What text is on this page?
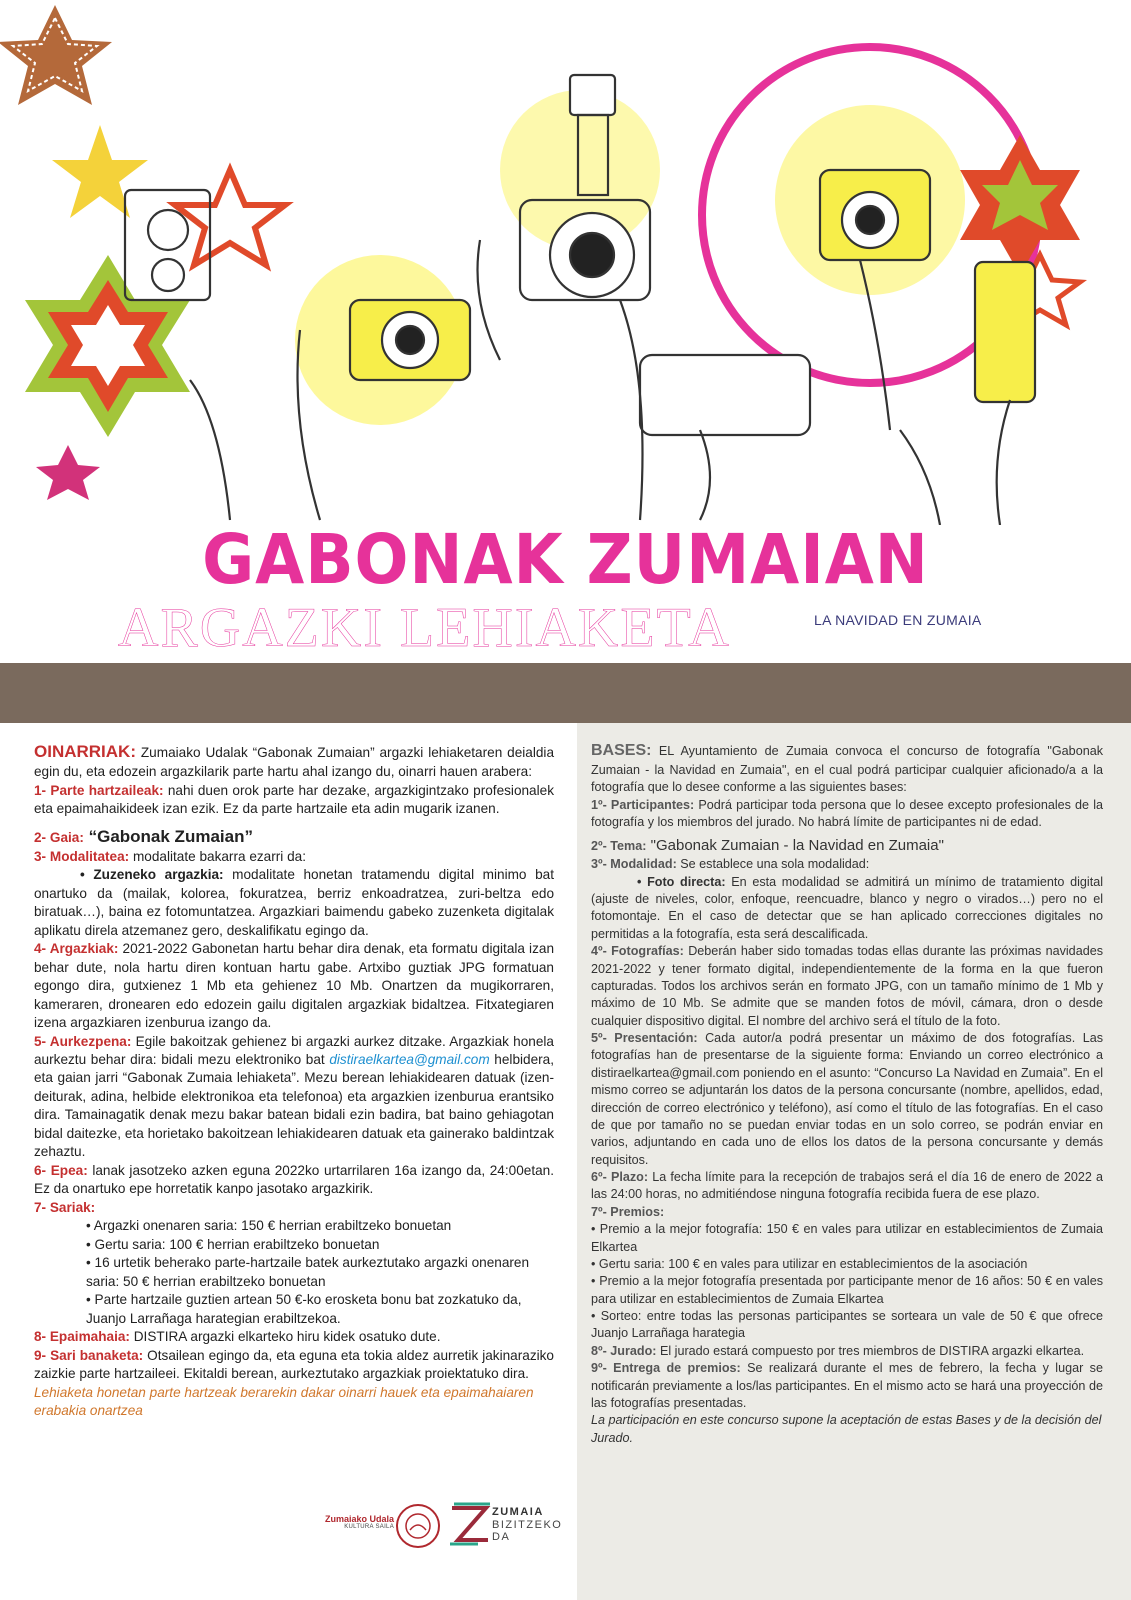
GABONAK ZUMAIAN
ARGAZKI LEHIAKETA	LA NAVIDAD EN ZUMAIA

OINARRIAK: Zumaiako Udalak “Gabonak Zumaian” argazki lehiaketaren deialdia egin du, eta edozein argazkilarik parte hartu ahal izango du, oinarri hauen arabera:

1- Parte hartzaileak: nahi duen orok parte har dezake, argazkigintzako profesionalek eta epaimahaikideek izan ezik. Ez da parte hartzaile eta adin mugarik izanen.

2- Gaia: “Gabonak Zumaian”

3- Modalitatea: modalitate bakarra ezarri da:

• Zuzeneko argazkia: modalitate honetan tratamendu digital minimo bat onartuko da (mailak, kolorea, fokuratzea, berriz enkoadratzea, zuri-beltza edo biratuak…), baina ez fotomuntatzea. Argazkiari baimendu gabeko zuzenketa digitalak aplikatu direla atzemanez gero, deskalifikatu egingo da.

4- Argazkiak: 2021-2022 Gabonetan hartu behar dira denak, eta formatu digitala izan behar dute, nola hartu diren kontuan hartu gabe. Artxibo guztiak JPG formatuan egongo dira, gutxienez 1 Mb eta gehienez 10 Mb. Onartzen da mugikorraren, kameraren, dronearen edo edozein gailu digitalen argazkiak bidaltzea. Fitxategiaren izena argazkiaren izenburua izango da.

5- Aurkezpena: Egile bakoitzak gehienez bi argazki aurkez ditzake. Argazkiak honela aurkeztu behar dira: bidali mezu elektroniko bat distiraelkartea@gmail.com helbidera, eta gaian jarri “Gabonak Zumaia lehiaketa”. Mezu berean lehiakidearen datuak (izen-deiturak, adina, helbide elektronikoa eta telefonoa) eta argazkien izenburua erantsiko dira. Tamainagatik denak mezu bakar batean bidali ezin badira, bat baino gehiagotan bidal daitezke, eta horietako bakoitzean lehiakidearen datuak eta gainerako baldintzak zehaztu.

6- Epea: lanak jasotzeko azken eguna 2022ko urtarrilaren 16a izango da, 24:00etan. Ez da onartuko epe horretatik kanpo jasotako argazkirik.

7- Sariak:

• Argazki onenaren saria: 150 € herrian erabiltzeko bonuetan

• Gertu saria: 100 € herrian erabiltzeko bonuetan

• 16 urtetik beherako parte-hartzaile batek aurkeztutako argazki onenaren saria: 50 € herrian erabiltzeko bonuetan

• Parte hartzaile guztien artean 50 €-ko erosketa bonu bat zozkatuko da, Juanjo Larrañaga harategian erabiltzekoa.

8- Epaimahaia: DISTIRA argazki elkarteko hiru kidek osatuko dute.

9- Sari banaketa: Otsailean egingo da, eta eguna eta tokia aldez aurretik jakinaraziko zaizkie parte hartzaileei. Ekitaldi berean, aurkeztutako argazkiak proiektatuko dira.

Lehiaketa honetan parte hartzeak berarekin dakar oinarri hauek eta epaimahaiaren erabakia onartzea

BASES: EL Ayuntamiento de Zumaia convoca el concurso de fotografía "Gabonak Zumaian - la Navidad en Zumaia", en el cual podrá participar cualquier aficionado/a a la fotografía que lo desee conforme a las siguientes bases:

1º- Participantes: Podrá participar toda persona que lo desee excepto profesionales de la fotografía y los miembros del jurado. No habrá límite de participantes ni de edad.

2º- Tema: "Gabonak Zumaian - la Navidad en Zumaia"

3º- Modalidad: Se establece una sola modalidad:

• Foto directa: En esta modalidad se admitirá un mínimo de tratamiento digital (ajuste de niveles, color, enfoque, reencuadre, blanco y negro o virados…) pero no el fotomontaje. En el caso de detectar que se han aplicado correcciones digitales no permitidas a la fotografía, esta será descalificada.

4º- Fotografías: Deberán haber sido tomadas todas ellas durante las próximas navidades 2021-2022 y tener formato digital, independientemente de la forma en la que fueron capturadas. Todos los archivos serán en formato JPG, con un tamaño mínimo de 1 Mb y máximo de 10 Mb. Se admite que se manden fotos de móvil, cámara, dron o desde cualquier dispositivo digital. El nombre del archivo será el título de la foto.

5º- Presentación: Cada autor/a podrá presentar un máximo de dos fotografías. Las fotografías han de presentarse de la siguiente forma: Enviando un correo electrónico a distiraelkartea@gmail.com poniendo en el asunto: “Concurso La Navidad en Zumaia”. En el mismo correo se adjuntarán los datos de la persona concursante (nombre, apellidos, edad, dirección de correo electrónico y teléfono), así como el título de las fotografías. En el caso de que por tamaño no se puedan enviar todas en un solo correo, se podrán enviar en varios, adjuntando en cada uno de ellos los datos de la persona concursante y demás requisitos.

6º- Plazo: La fecha límite para la recepción de trabajos será el día 16 de enero de 2022 a las 24:00 horas, no admitiéndose ninguna fotografía recibida fuera de ese plazo.

7º- Premios:

• Premio a la mejor fotografía: 150 € en vales para utilizar en establecimientos de Zumaia Elkartea

• Gertu saria: 100 € en vales para utilizar en establecimientos de la asociación

• Premio a la mejor fotografía presentada por participante menor de 16 años: 50 € en vales para utilizar en establecimientos de Zumaia Elkartea

• Sorteo: entre todas las personas participantes se sorteara un vale de 50 € que ofrece Juanjo Larrañaga harategia

8º- Jurado: El jurado estará compuesto por tres miembros de DISTIRA argazki elkartea.

9º- Entrega de premios: Se realizará durante el mes de febrero, la fecha y lugar se notificarán previamente a los/las participantes. En el mismo acto se hará una proyección de las fotografías presentadas.

La participación en este concurso supone la aceptación de estas Bases y de la decisión del Jurado.

Zumaiako Udala
KULTURA SAILA
ZUMAIA
BIZITZEKO
DA
